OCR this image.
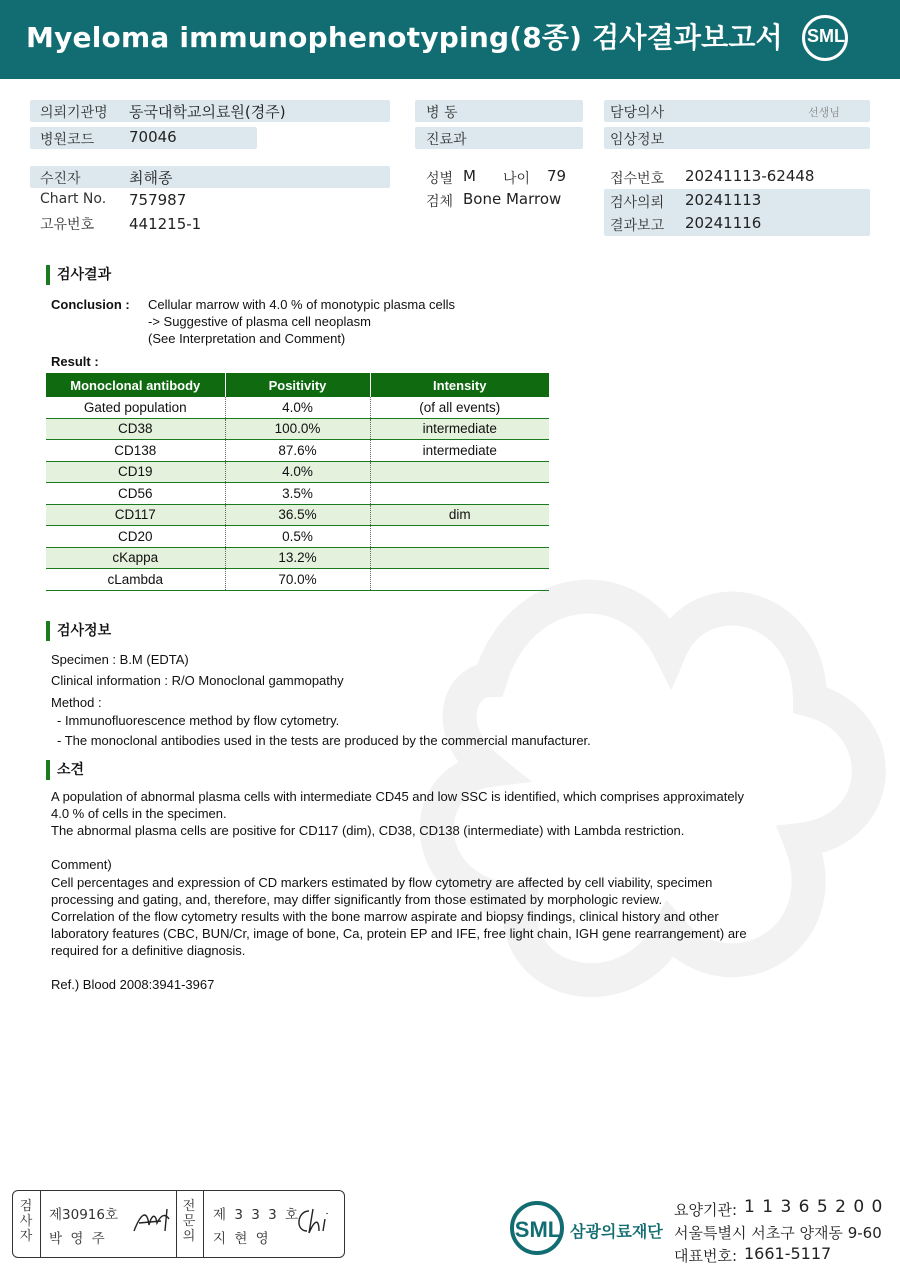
Myeloma immunophenotyping(8종) 검사결과보고서 SML
의뢰기관명 동국대학교의료원(경주)
병원코드 70046
병 동
진료과
담당의사	선생님
임상정보
수진자	최해종
Chart No. 757987
고유번호 441215-1
성별 M 나이 79
검체 Bone Marrow
접수번호 20241113-62448
검사의뢰 20241113
결과보고 20241116
검사결과
Conclusion : Cellular marrow with 4.0 % of monotypic plasma cells
-> Suggestive of plasma cell neoplasm
(See Interpretation and Comment)
Result :
Monoclonal antibody	Positivity	Intensity
Gated population	4.0%	(of all events)
CD38	100.0%	intermediate
CD138	87.6%	intermediate
CD19	4.0%	
CD56	3.5%	
CD117	36.5%	dim
CD20	0.5%	
cKappa	13.2%	
cLambda	70.0%	
검사정보
Specimen : B.M (EDTA)
Clinical information : R/O Monoclonal gammopathy
Method :
- Immunofluorescence method by flow cytometry.
- The monoclonal antibodies used in the tests are produced by the commercial manufacturer.
소견
A population of abnormal plasma cells with intermediate CD45 and low SSC is identified, which comprises approximately
4.0 % of cells in the specimen.
The abnormal plasma cells are positive for CD117 (dim), CD38, CD138 (intermediate) with Lambda restriction.
Comment)
Cell percentages and expression of CD markers estimated by flow cytometry are affected by cell viability, specimen
processing and gating, and, therefore, may differ significantly from those estimated by morphologic review.
Correlation of the flow cytometry results with the bone marrow aspirate and biopsy findings, clinical history and other
laboratory features (CBC, BUN/Cr, image of bone, Ca, protein EP and IFE, free light chain, IGH gene rearrangement) are
required for a definitive diagnosis.
Ref.) Blood 2008:3941-3967
검
사
자
제30916호
박 영 주
전
문
의
제 3 3 3 호
지 현 영	SML 삼광의료재단
요양기관: 1 1 3 6 5 2 0 0
서울특별시 서초구 양재동 9-60
대표번호: 1661-5117
